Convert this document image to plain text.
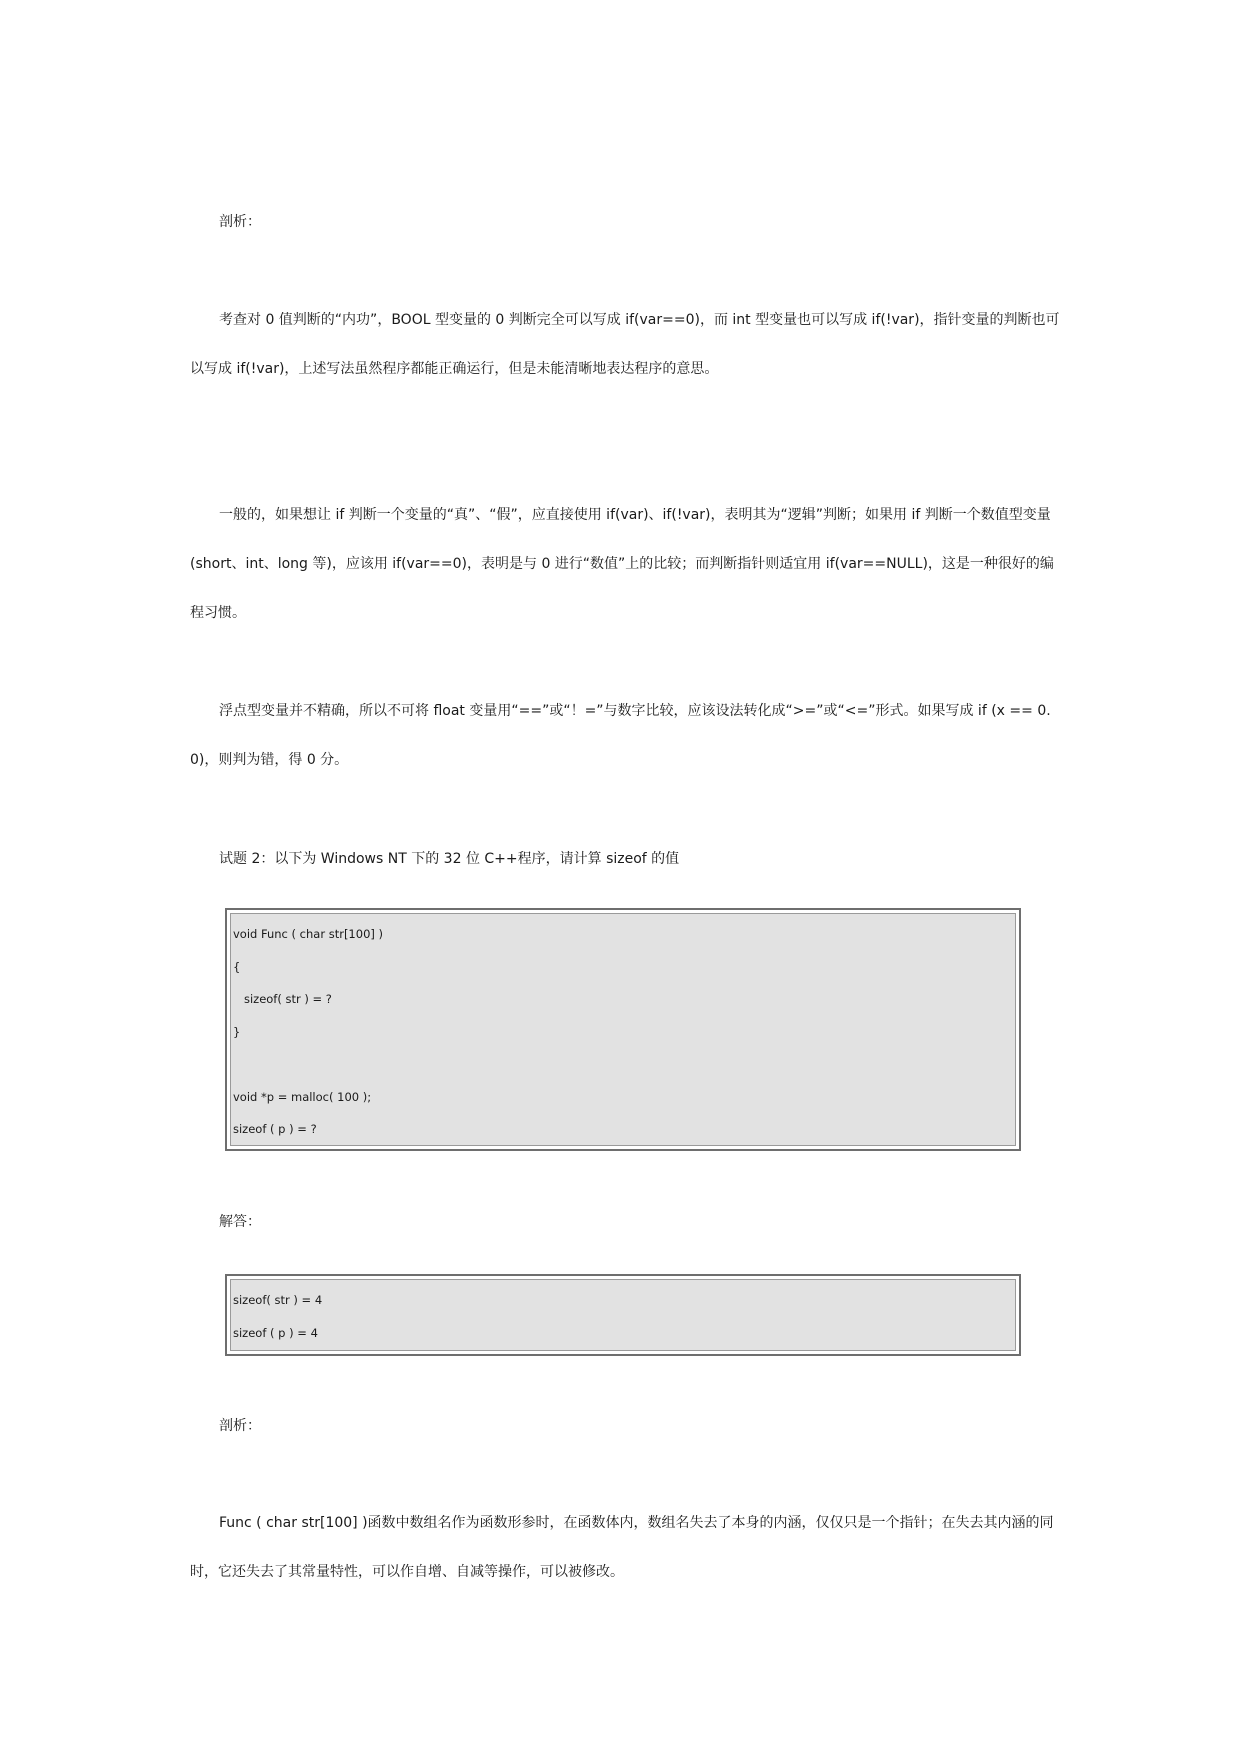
剖析：

考查对 0 值判断的“内功”，BOOL 型变量的 0 判断完全可以写成 if(var==0)，而 int 型变量也可以写成 if(!var)，指针变量的判断也可以写成 if(!var)，上述写法虽然程序都能正确运行，但是未能清晰地表达程序的意思。

一般的，如果想让 if 判断一个变量的“真”、“假”，应直接使用 if(var)、if(!var)，表明其为“逻辑”判断；如果用 if 判断一个数值型变量(short、int、long 等)，应该用 if(var==0)，表明是与 0 进行“数值”上的比较；而判断指针则适宜用 if(var==NULL)，这是一种很好的编程习惯。

浮点型变量并不精确，所以不可将 float 变量用“==”或“！=”与数字比较，应该设法转化成“>=”或“<=”形式。如果写成 if (x == 0.0)，则判为错，得 0 分。

试题 2：以下为 Windows NT 下的 32 位 C++程序，请计算 sizeof 的值

void Func ( char str[100] )
{
sizeof( str ) = ?
}
void *p = malloc( 100 );
sizeof ( p ) = ?

解答：

sizeof( str ) = 4
sizeof ( p ) = 4

剖析：

Func ( char str[100] )函数中数组名作为函数形参时，在函数体内，数组名失去了本身的内涵，仅仅只是一个指针；在失去其内涵的同时，它还失去了其常量特性，可以作自增、自减等操作，可以被修改。
